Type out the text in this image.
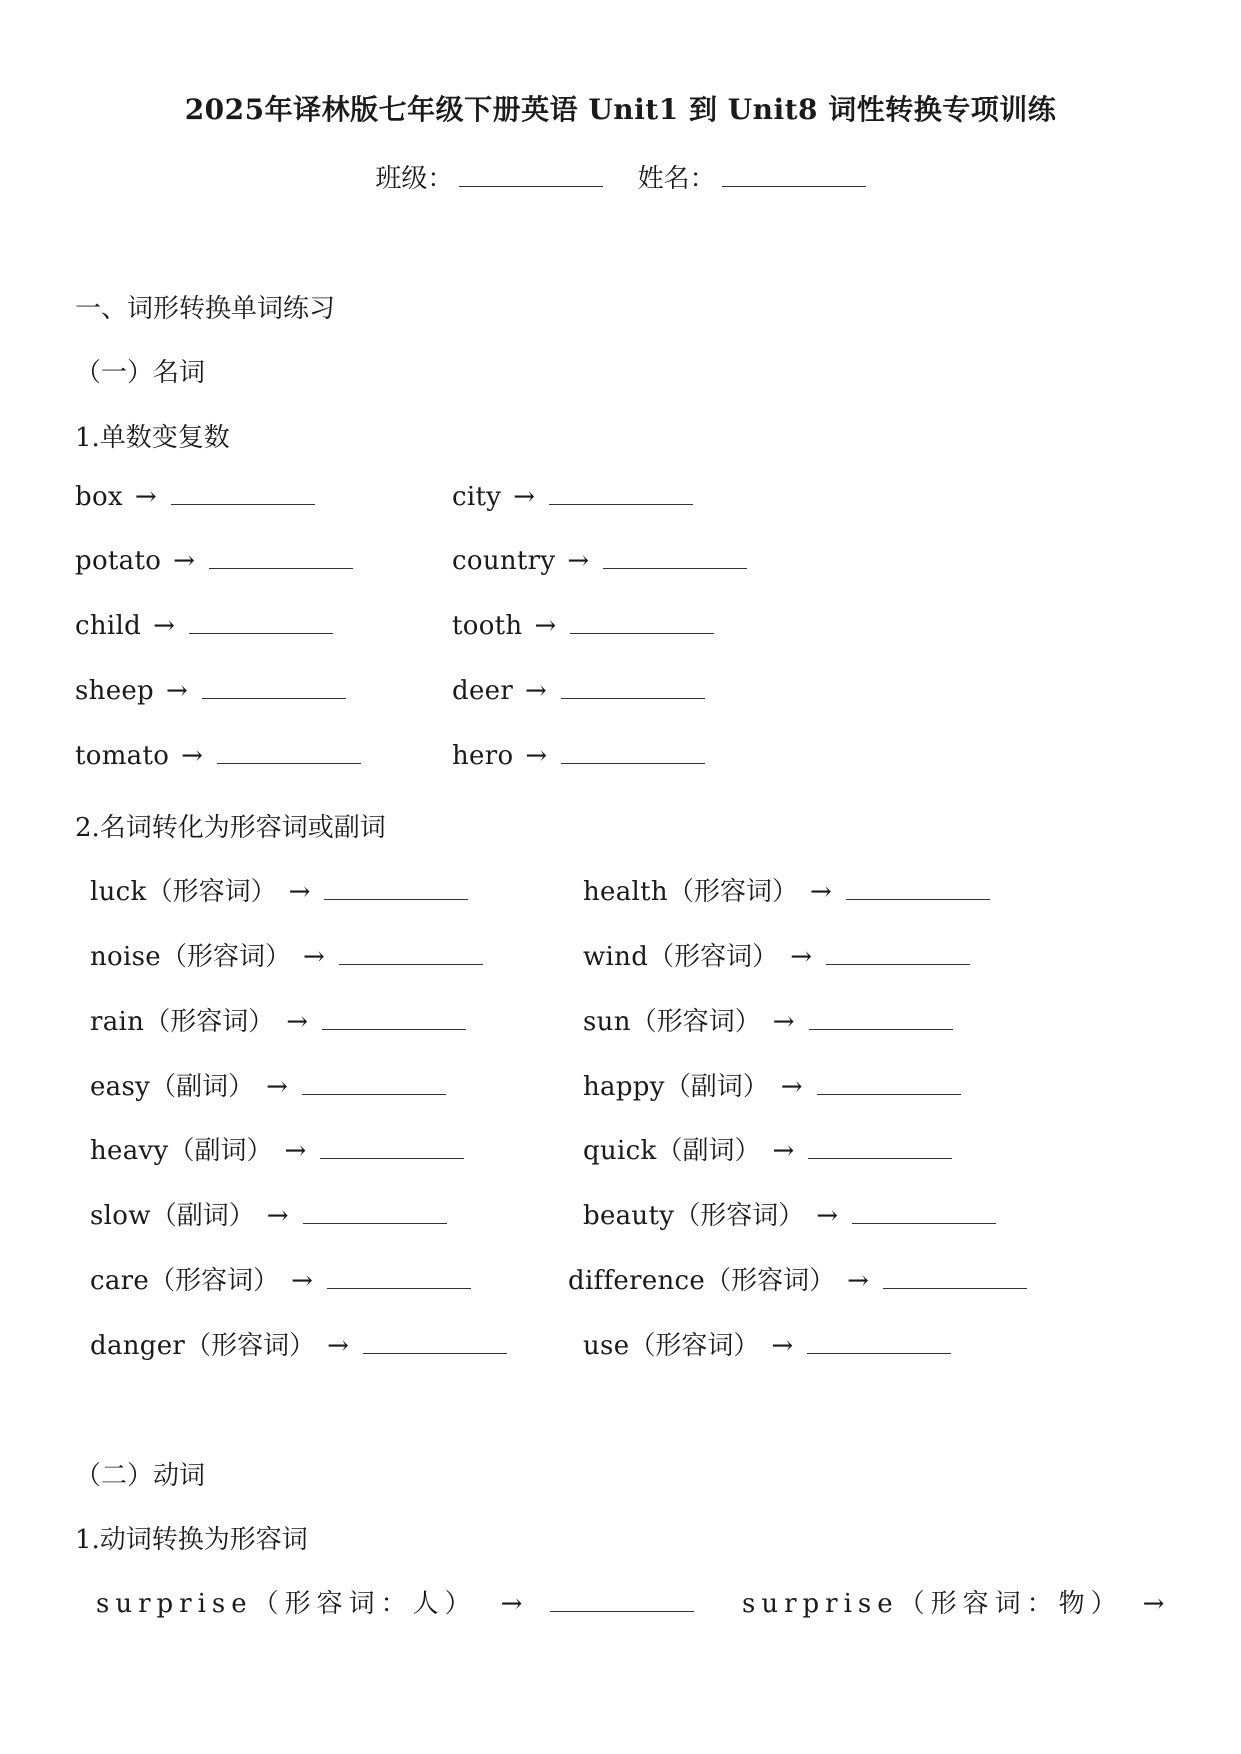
2025年译林版七年级下册英语 Unit1 到 Unit8 词性转换专项训练
班级：	姓名：
一、词形转换单词练习
（一）名词
1.单数变复数
box →
potato →
child →
sheep →
tomato →
city →
country →
tooth →
deer →
hero →
2.名词转化为形容词或副词
luck（形容词） →
noise（形容词） →
rain（形容词） →
easy（副词） →
heavy（副词） →
slow（副词） →
care（形容词） →
danger（形容词） →
health（形容词） →
wind（形容词） →
sun（形容词） →
happy（副词） →
quick（副词） →
beauty（形容词） →
difference（形容词） →
use（形容词） →
（二）动词
1.动词转换为形容词
surprise（形容词：人） →	surprise（形容词：物） →
